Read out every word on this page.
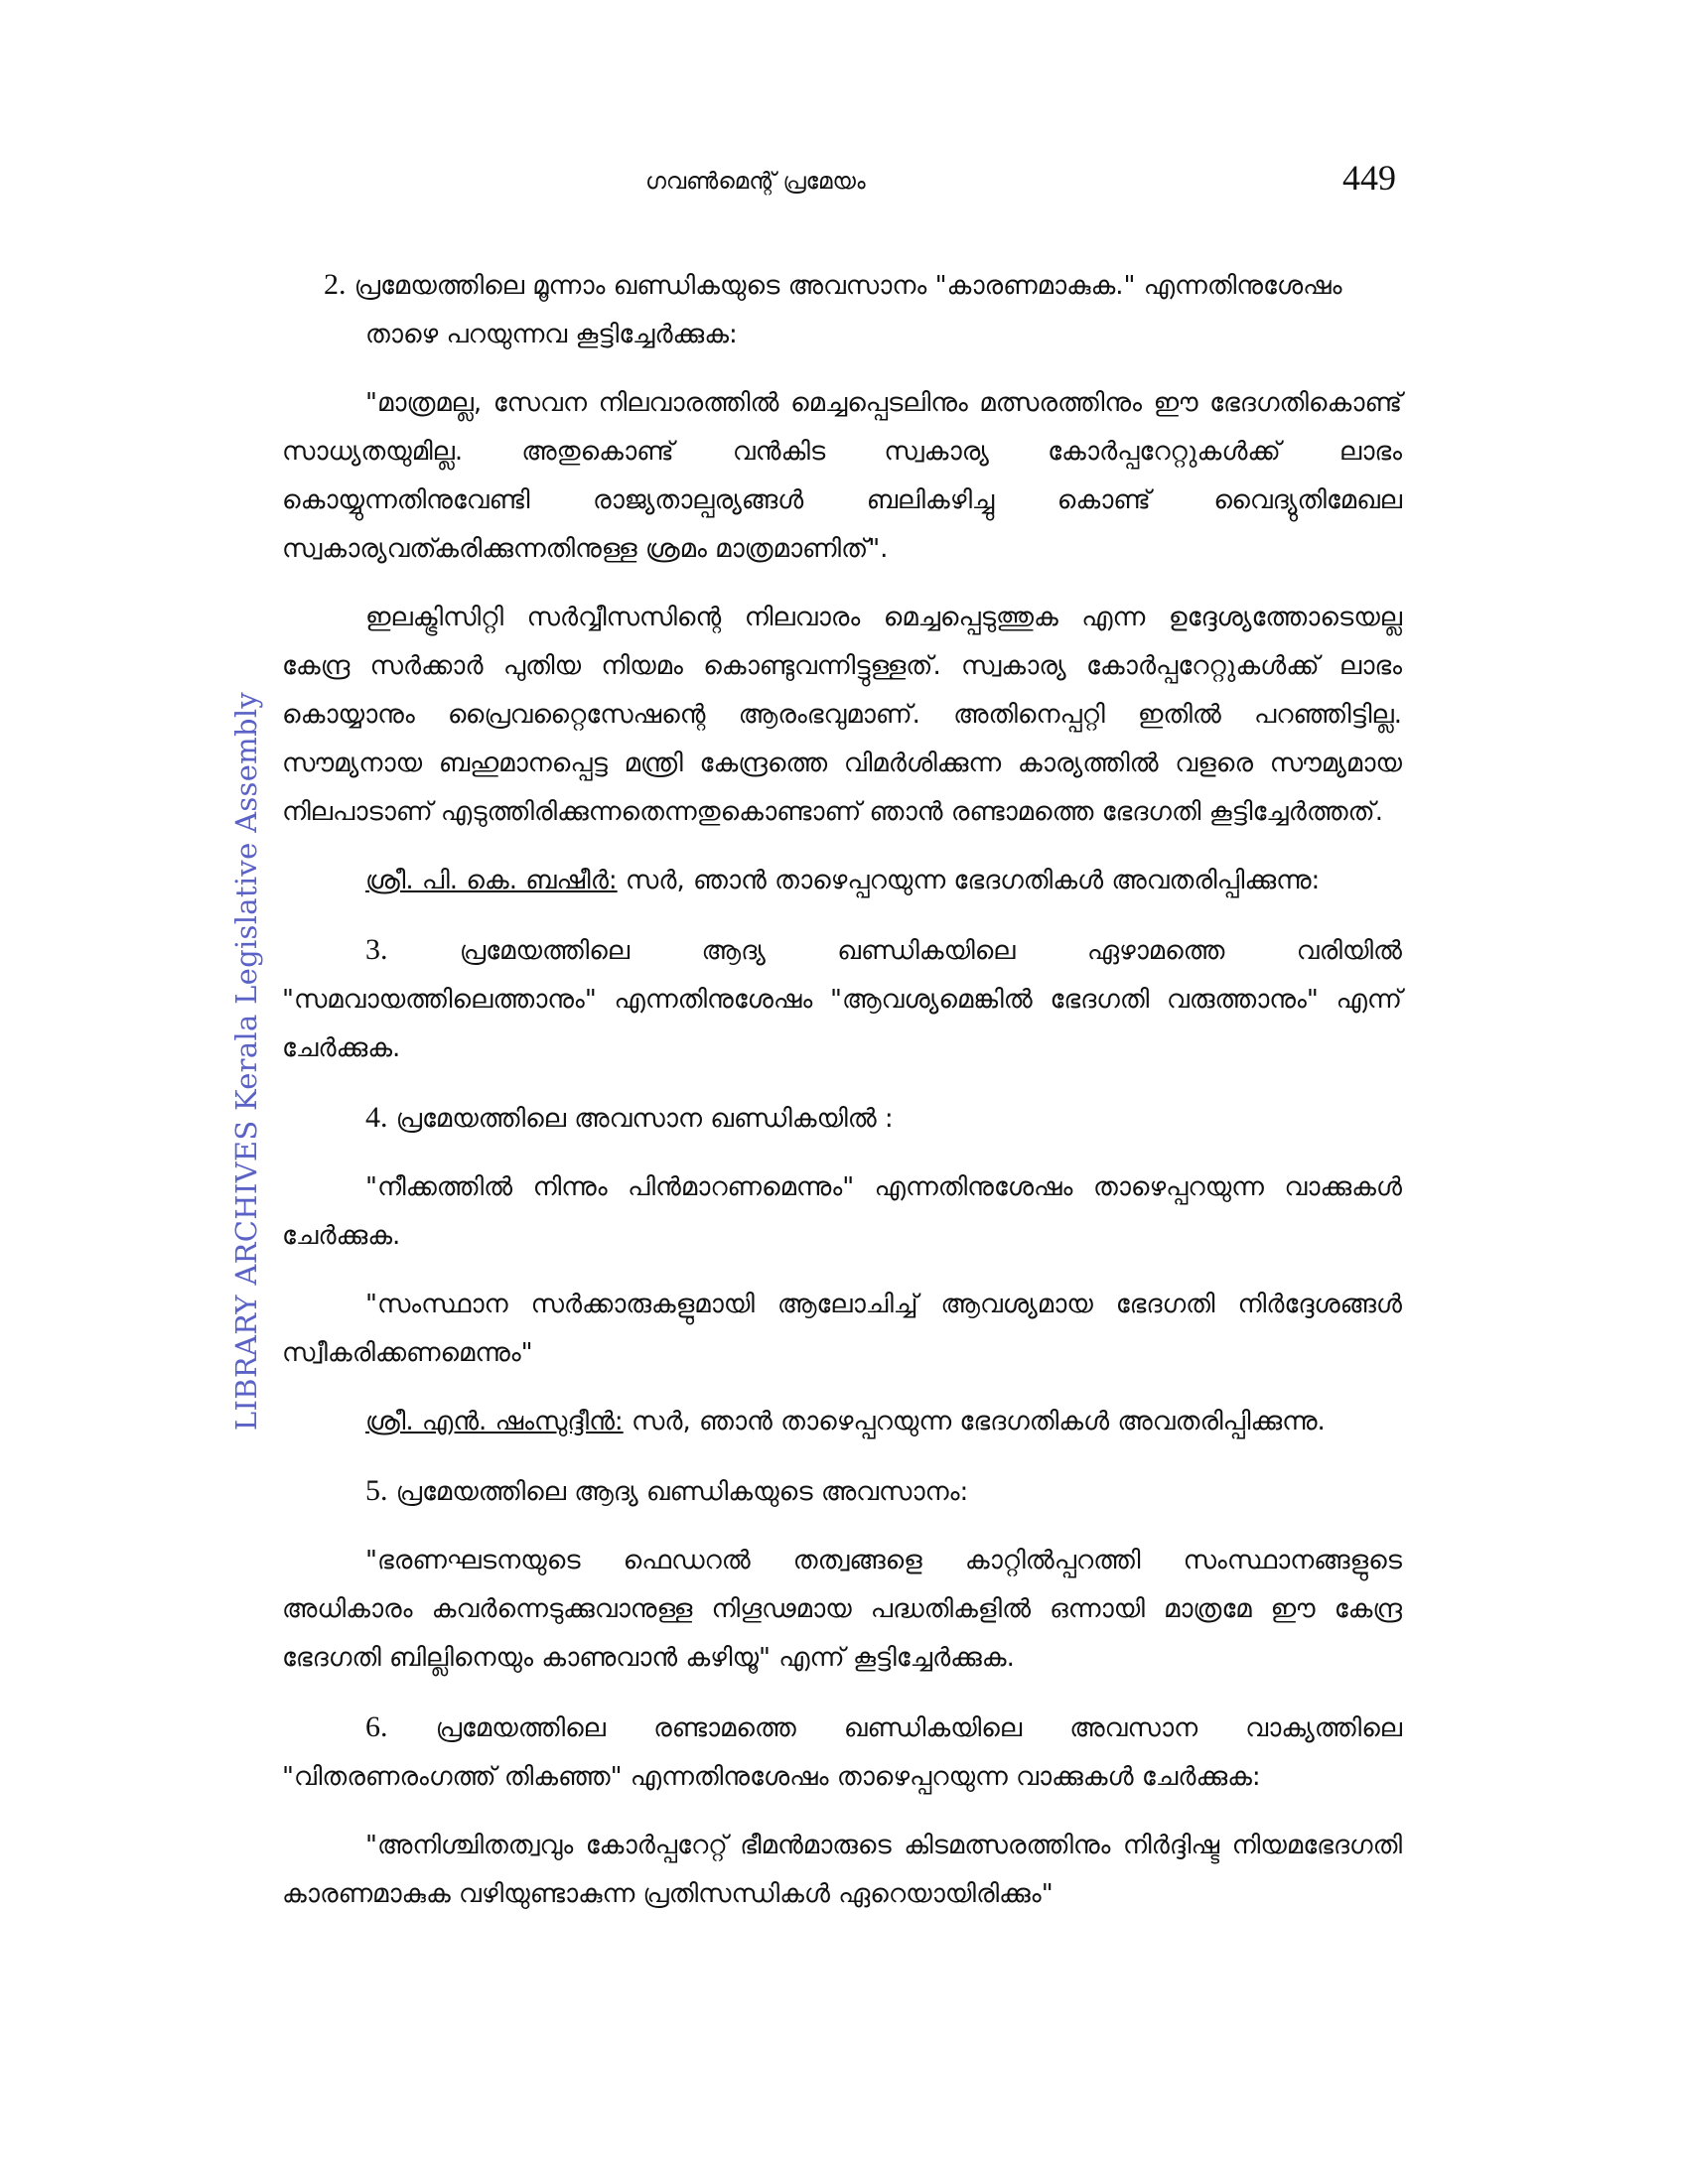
LIBRARY ARCHIVES Kerala Legislative Assembly
ഗവൺമെന്റ് പ്രമേയം	449

2. പ്രമേയത്തിലെ മൂന്നാം ഖണ്ഡികയുടെ അവസാനം "കാരണമാകുക." എന്നതിനുശേഷം താഴെ പറയുന്നവ കൂട്ടിച്ചേർക്കുക:

"മാത്രമല്ല, സേവന നിലവാരത്തിൽ മെച്ചപ്പെടലിനും മത്സരത്തിനും ഈ ഭേദഗതികൊണ്ട് സാധ്യതയുമില്ല. അതുകൊണ്ട് വൻകിട സ്വകാര്യ കോർപ്പറേറ്റുകൾക്ക് ലാഭം കൊയ്യുന്നതിനുവേണ്ടി രാജ്യതാല്പര്യങ്ങൾ ബലികഴിച്ചു കൊണ്ട് വൈദ്യുതിമേഖല സ്വകാര്യവത്കരിക്കുന്നതിനുള്ള ശ്രമം മാത്രമാണിത്".

ഇലക്ട്രിസിറ്റി സർവ്വീസസിന്റെ നിലവാരം മെച്ചപ്പെടുത്തുക എന്ന ഉദ്ദേശ്യത്തോടെയല്ല കേന്ദ്ര സർക്കാർ പുതിയ നിയമം കൊണ്ടുവന്നിട്ടുള്ളത്. സ്വകാര്യ കോർപ്പറേറ്റുകൾക്ക് ലാഭം കൊയ്യാനും പ്രൈവറ്റൈസേഷന്റെ ആരംഭവുമാണ്. അതിനെപ്പറ്റി ഇതിൽ പറഞ്ഞിട്ടില്ല. സൗമ്യനായ ബഹുമാനപ്പെട്ട മന്ത്രി കേന്ദ്രത്തെ വിമർശിക്കുന്ന കാര്യത്തിൽ വളരെ സൗമ്യമായ നിലപാടാണ് എടുത്തിരിക്കുന്നതെന്നതുകൊണ്ടാണ് ഞാൻ രണ്ടാമത്തെ ഭേദഗതി കൂട്ടിച്ചേർത്തത്.

ശ്രീ. പി. കെ. ബഷീർ: സർ, ഞാൻ താഴെപ്പറയുന്ന ഭേദഗതികൾ അവതരിപ്പിക്കുന്നു:

3.	പ്രമേയത്തിലെ ആദ്യ ഖണ്ഡികയിലെ ഏഴാമത്തെ വരിയിൽ "സമവായത്തിലെത്താനും" എന്നതിനുശേഷം "ആവശ്യമെങ്കിൽ ഭേദഗതി വരുത്താനും" എന്ന് ചേർക്കുക.

4. പ്രമേയത്തിലെ അവസാന ഖണ്ഡികയിൽ :

"നീക്കത്തിൽ നിന്നും പിൻമാറണമെന്നും" എന്നതിനുശേഷം താഴെപ്പറയുന്ന വാക്കുകൾ ചേർക്കുക.

"സംസ്ഥാന സർക്കാരുകളുമായി ആലോചിച്ച് ആവശ്യമായ ഭേദഗതി നിർദ്ദേശങ്ങൾ സ്വീകരിക്കണമെന്നും"

ശ്രീ. എൻ. ഷംസുദ്ദീൻ: സർ, ഞാൻ താഴെപ്പറയുന്ന ഭേദഗതികൾ അവതരിപ്പിക്കുന്നു.

5. പ്രമേയത്തിലെ ആദ്യ ഖണ്ഡികയുടെ അവസാനം:

"ഭരണഘടനയുടെ ഫെഡറൽ തത്വങ്ങളെ കാറ്റിൽപ്പറത്തി സംസ്ഥാനങ്ങളുടെ അധികാരം കവർന്നെടുക്കുവാനുള്ള നിഗൂഢമായ പദ്ധതികളിൽ ഒന്നായി മാത്രമേ ഈ കേന്ദ്ര ഭേദഗതി ബില്ലിനെയും കാണുവാൻ കഴിയൂ" എന്ന് കൂട്ടിച്ചേർക്കുക.

6. പ്രമേയത്തിലെ രണ്ടാമത്തെ ഖണ്ഡികയിലെ അവസാന വാക്യത്തിലെ "വിതരണരംഗത്ത് തികഞ്ഞ" എന്നതിനുശേഷം താഴെപ്പറയുന്ന വാക്കുകൾ ചേർക്കുക:

"അനിശ്ചിതത്വവും കോർപ്പറേറ്റ് ഭീമൻമാരുടെ കിടമത്സരത്തിനും നിർദ്ദിഷ്ട നിയമഭേദഗതി കാരണമാകുക വഴിയുണ്ടാകുന്ന പ്രതിസന്ധികൾ ഏറെയായിരിക്കും"
